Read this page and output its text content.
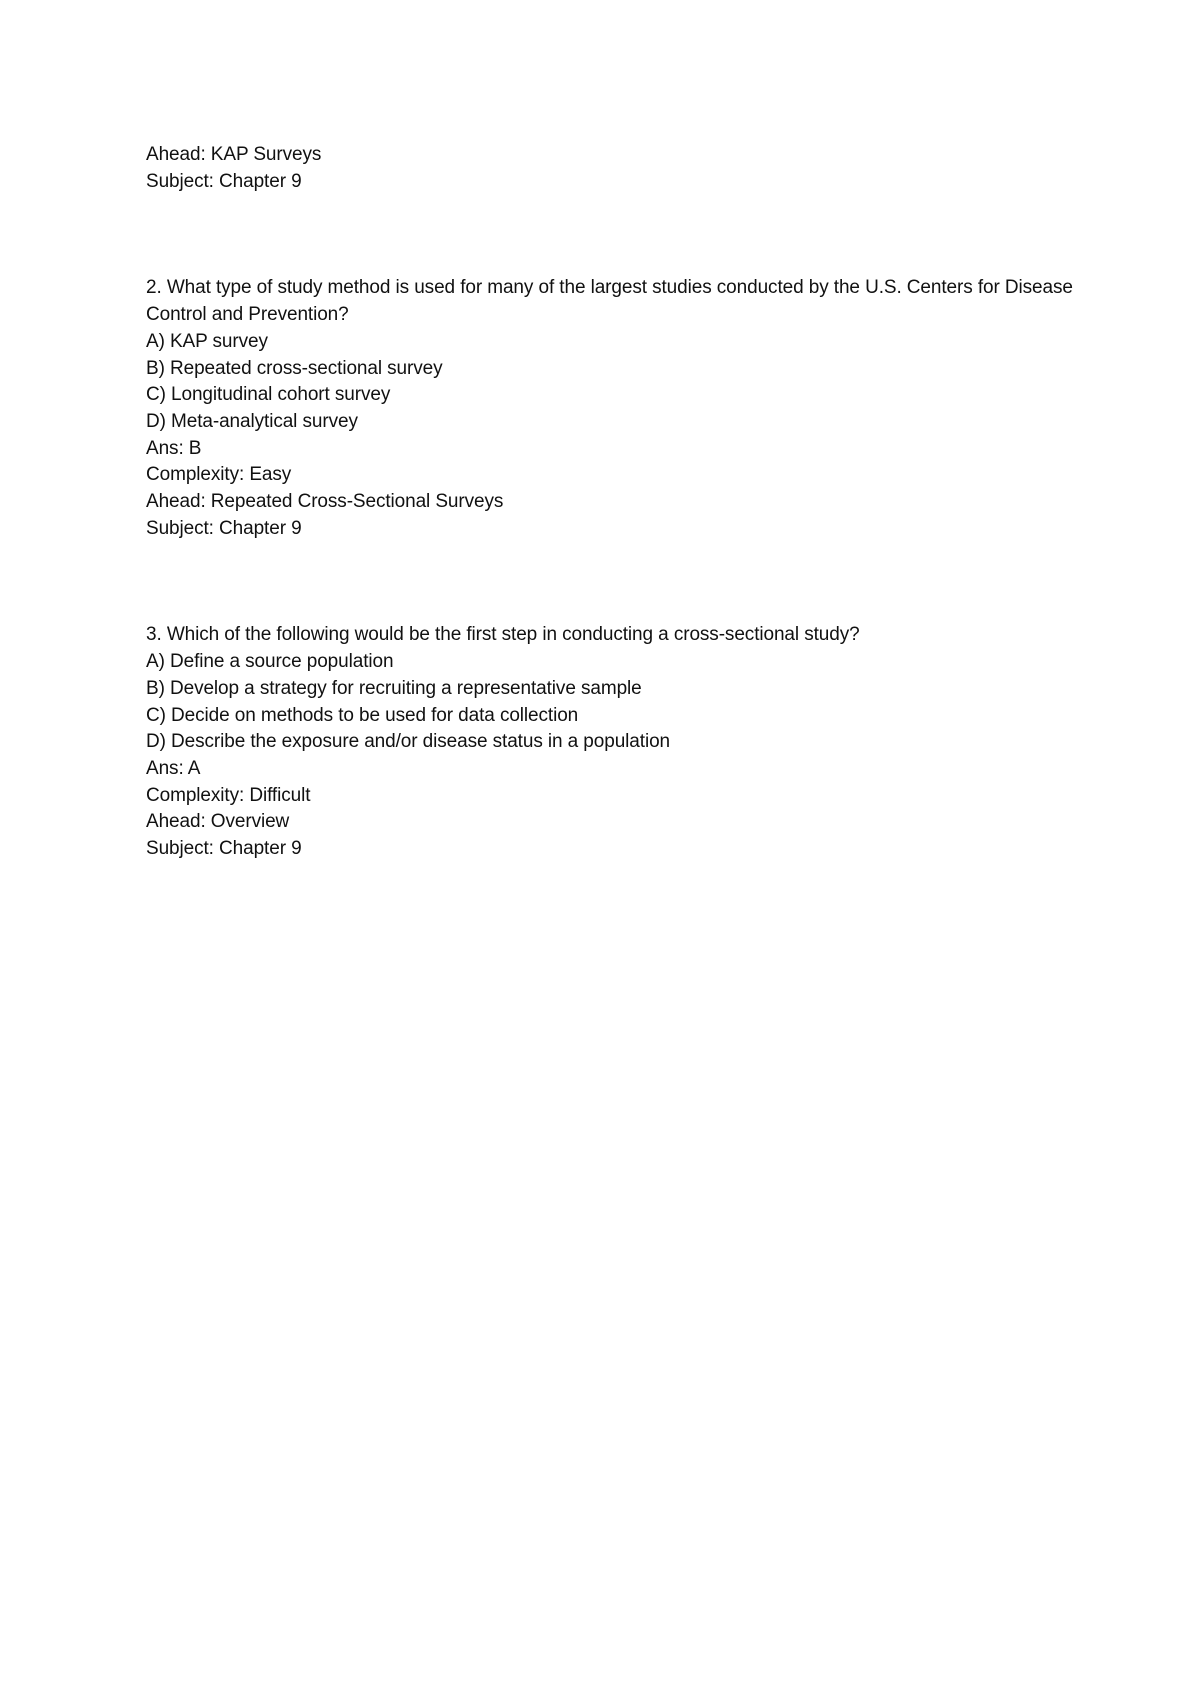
Ahead: KAP Surveys
Subject: Chapter 9
2. What type of study method is used for many of the largest studies conducted by the U.S. Centers for Disease Control and Prevention?
A) KAP survey
B) Repeated cross-sectional survey
C) Longitudinal cohort survey
D) Meta-analytical survey
Ans: B
Complexity: Easy
Ahead: Repeated Cross-Sectional Surveys
Subject: Chapter 9
3. Which of the following would be the first step in conducting a cross-sectional study?
A) Define a source population
B) Develop a strategy for recruiting a representative sample
C) Decide on methods to be used for data collection
D) Describe the exposure and/or disease status in a population
Ans: A
Complexity: Difficult
Ahead: Overview
Subject: Chapter 9
